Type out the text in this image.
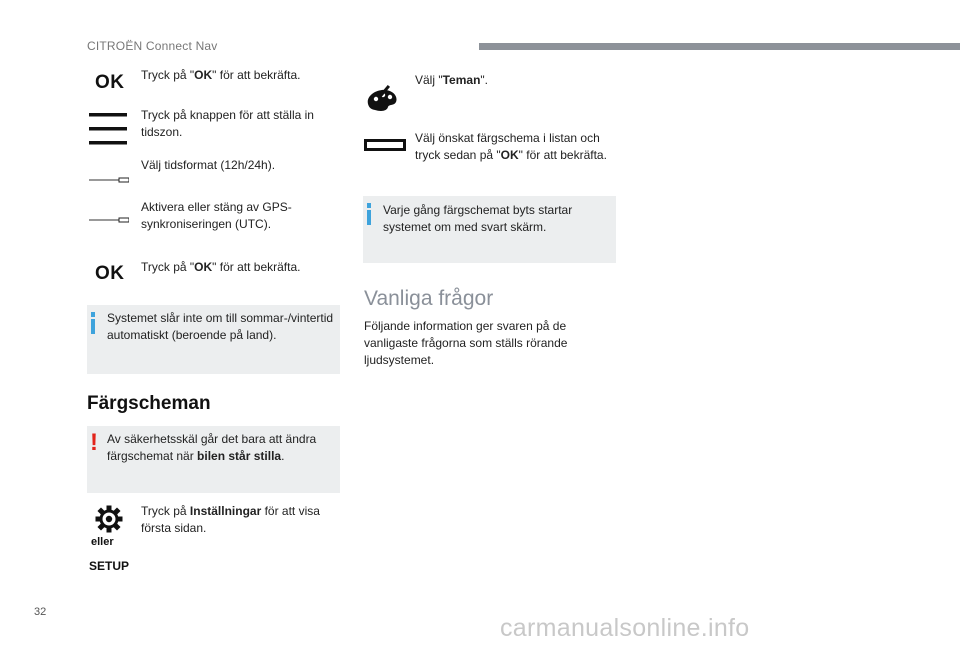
CITROËN Connect Nav
OK Tryck på "OK" för att bekräfta.
Tryck på knappen för att ställa in
tidszon.
Välj tidsformat (12h/24h).
Aktivera eller stäng av GPS-
synkroniseringen (UTC).
OK Tryck på "OK" för att bekräfta.
Systemet slår inte om till sommar-/vintertid
automatiskt (beroende på land).
Färgscheman
! Av säkerhetsskäl går det bara att ändra
färgschemat när bilen står stilla.
eller
SETUP
Tryck på Inställningar för att visa
första sidan.
Välj "Teman".
Välj önskat färgschema i listan och
tryck sedan på "OK" för att bekräfta.
Varje gång färgschemat byts startar
systemet om med svart skärm.
Vanliga frågor
Följande information ger svaren på de
vanligaste frågorna som ställs rörande
ljudsystemet.
32
carmanualsonline.info
